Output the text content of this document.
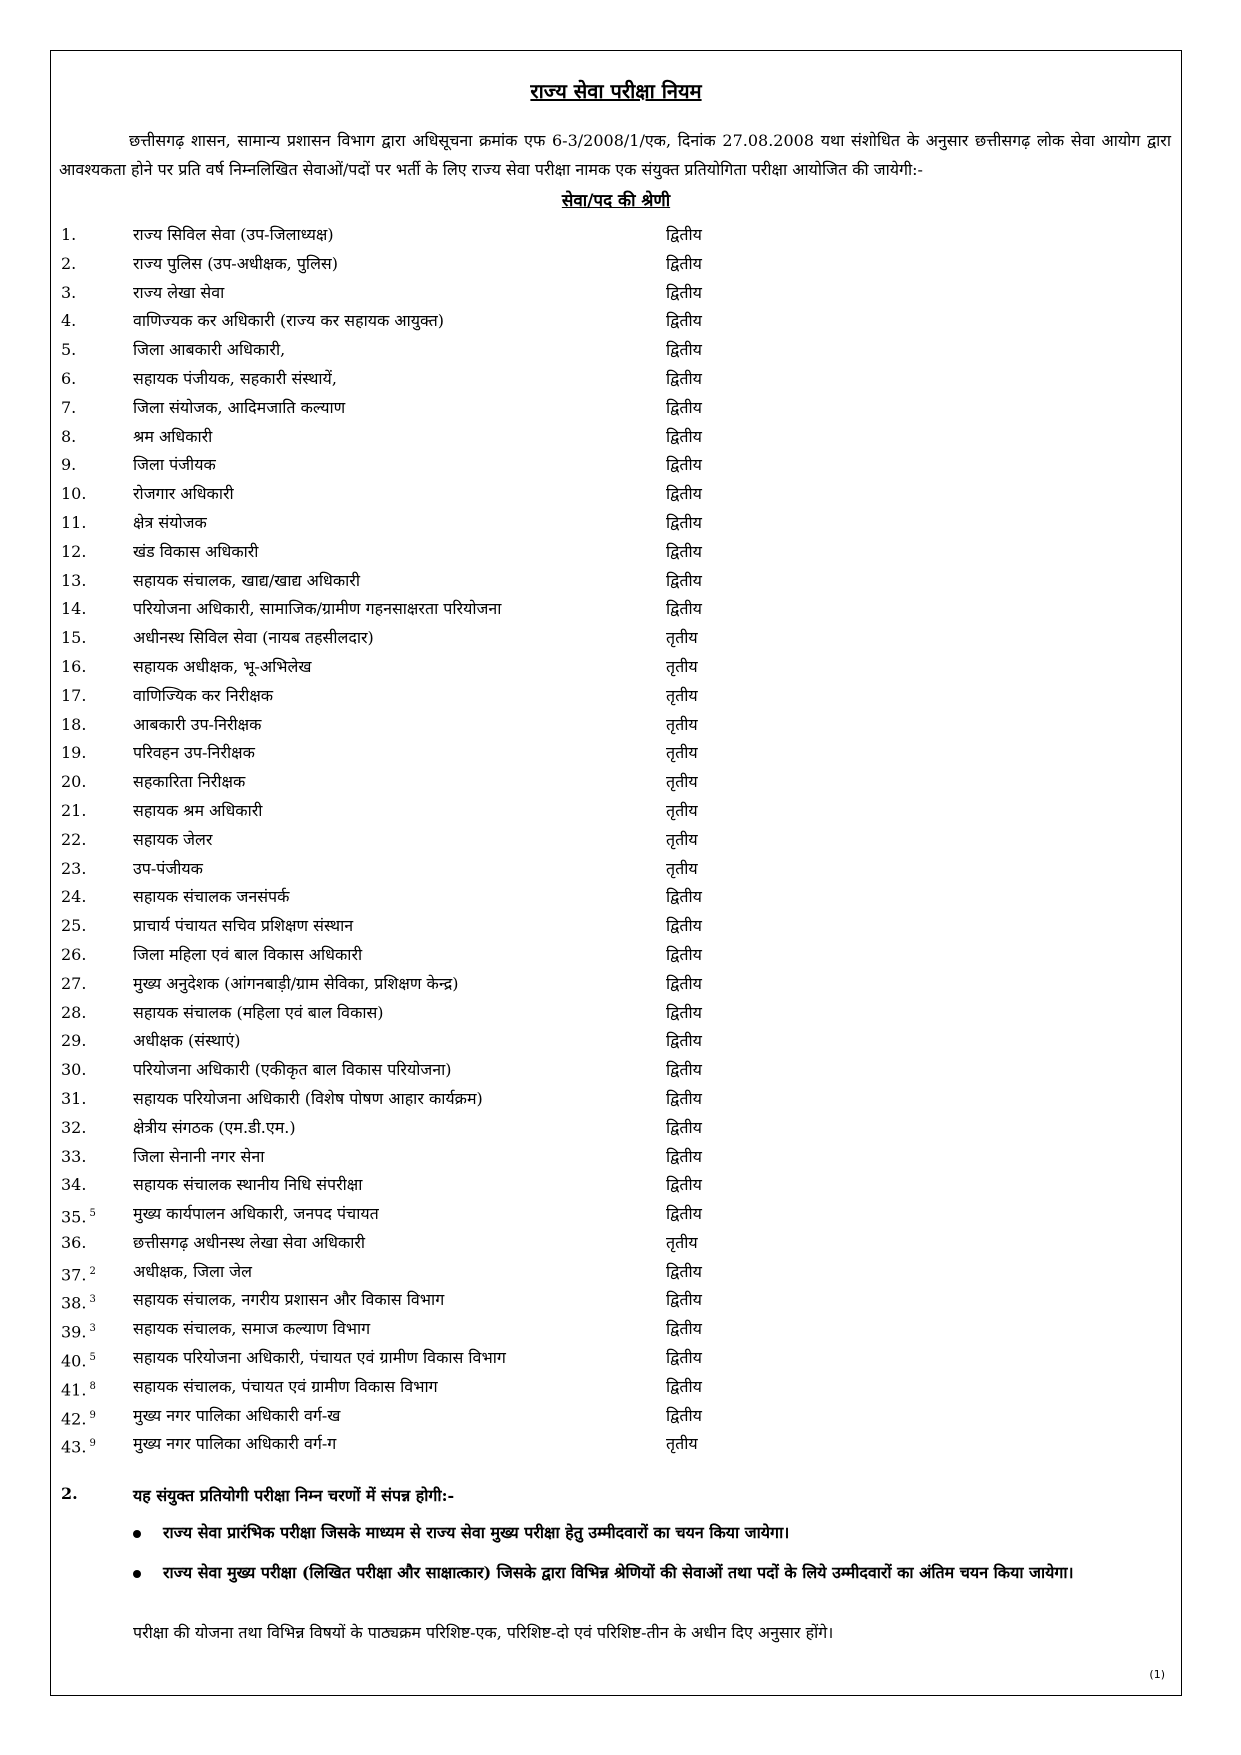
राज्य सेवा परीक्षा नियम

छत्तीसगढ़ शासन, सामान्य प्रशासन विभाग द्वारा अधिसूचना क्रमांक एफ 6-3/2008/1/एक, दिनांक 27.08.2008 यथा संशोधित के अनुसार छत्तीसगढ़ लोक सेवा आयोग द्वारा आवश्यकता होने पर प्रति वर्ष निम्नलिखित सेवाओं/पदों पर भर्ती के लिए राज्य सेवा परीक्षा नामक एक संयुक्त प्रतियोगिता परीक्षा आयोजित की जायेगी:-

सेवा/पद की श्रेणी
1.	राज्य सिविल सेवा (उप-जिलाध्यक्ष)	द्वितीय
2.	राज्य पुलिस (उप-अधीक्षक, पुलिस)	द्वितीय
3.	राज्य लेखा सेवा	द्वितीय
4.	वाणिज्यक कर अधिकारी (राज्य कर सहायक आयुक्त)	द्वितीय
5.	जिला आबकारी अधिकारी,	द्वितीय
6.	सहायक पंजीयक, सहकारी संस्थायें,	द्वितीय
7.	जिला संयोजक, आदिमजाति कल्याण	द्वितीय
8.	श्रम अधिकारी	द्वितीय
9.	जिला पंजीयक	द्वितीय
10.	रोजगार अधिकारी	द्वितीय
11.	क्षेत्र संयोजक	द्वितीय
12.	खंड विकास अधिकारी	द्वितीय
13.	सहायक संचालक, खाद्य/खाद्य अधिकारी	द्वितीय
14.	परियोजना अधिकारी, सामाजिक/ग्रामीण गहनसाक्षरता परियोजना	द्वितीय
15.	अधीनस्थ सिविल सेवा (नायब तहसीलदार)	तृतीय
16.	सहायक अधीक्षक, भू-अभिलेख	तृतीय
17.	वाणिज्यिक कर निरीक्षक	तृतीय
18.	आबकारी उप-निरीक्षक	तृतीय
19.	परिवहन उप-निरीक्षक	तृतीय
20.	सहकारिता निरीक्षक	तृतीय
21.	सहायक श्रम अधिकारी	तृतीय
22.	सहायक जेलर	तृतीय
23.	उप-पंजीयक	तृतीय
24.	सहायक संचालक जनसंपर्क	द्वितीय
25.	प्राचार्य पंचायत सचिव प्रशिक्षण संस्थान	द्वितीय
26.	जिला महिला एवं बाल विकास अधिकारी	द्वितीय
27.	मुख्य अनुदेशक (आंगनबाड़ी/ग्राम सेविका, प्रशिक्षण केन्द्र)	द्वितीय
28.	सहायक संचालक (महिला एवं बाल विकास)	द्वितीय
29.	अधीक्षक (संस्थाएं)	द्वितीय
30.	परियोजना अधिकारी (एकीकृत बाल विकास परियोजना)	द्वितीय
31.	सहायक परियोजना अधिकारी (विशेष पोषण आहार कार्यक्रम)	द्वितीय
32.	क्षेत्रीय संगठक (एम.डी.एम.)	द्वितीय
33.	जिला सेनानी नगर सेना	द्वितीय
34.	सहायक संचालक स्थानीय निधि संपरीक्षा	द्वितीय
35. $^5$	मुख्य कार्यपालन अधिकारी, जनपद पंचायत	द्वितीय
36.	छत्तीसगढ़ अधीनस्थ लेखा सेवा अधिकारी	तृतीय
37. $^2$	अधीक्षक, जिला जेल	द्वितीय
38. $^3$	सहायक संचालक, नगरीय प्रशासन और विकास विभाग	द्वितीय
39. $^3$	सहायक संचालक, समाज कल्याण विभाग	द्वितीय
40. $^5$	सहायक परियोजना अधिकारी, पंचायत एवं ग्रामीण विकास विभाग	द्वितीय
41. $^8$	सहायक संचालक, पंचायत एवं ग्रामीण विकास विभाग	द्वितीय
42. $^9$	मुख्य नगर पालिका अधिकारी वर्ग-ख	द्वितीय
43. $^9$	मुख्य नगर पालिका अधिकारी वर्ग-ग	तृतीय
2.	यह संयुक्त प्रतियोगी परीक्षा निम्न चरणों में संपन्न होगी:-
राज्य सेवा प्रारंभिक परीक्षा जिसके माध्यम से राज्य सेवा मुख्य परीक्षा हेतु उम्मीदवारों का चयन किया जायेगा।
राज्य सेवा मुख्य परीक्षा (लिखित परीक्षा और साक्षात्कार) जिसके द्वारा विभिन्न श्रेणियों की सेवाओं तथा पदों के लिये उम्मीदवारों का अंतिम चयन किया जायेगा।
परीक्षा की योजना तथा विभिन्न विषयों के पाठ्यक्रम परिशिष्ट-एक, परिशिष्ट-दो एवं परिशिष्ट-तीन के अधीन दिए अनुसार होंगे।
(1)
